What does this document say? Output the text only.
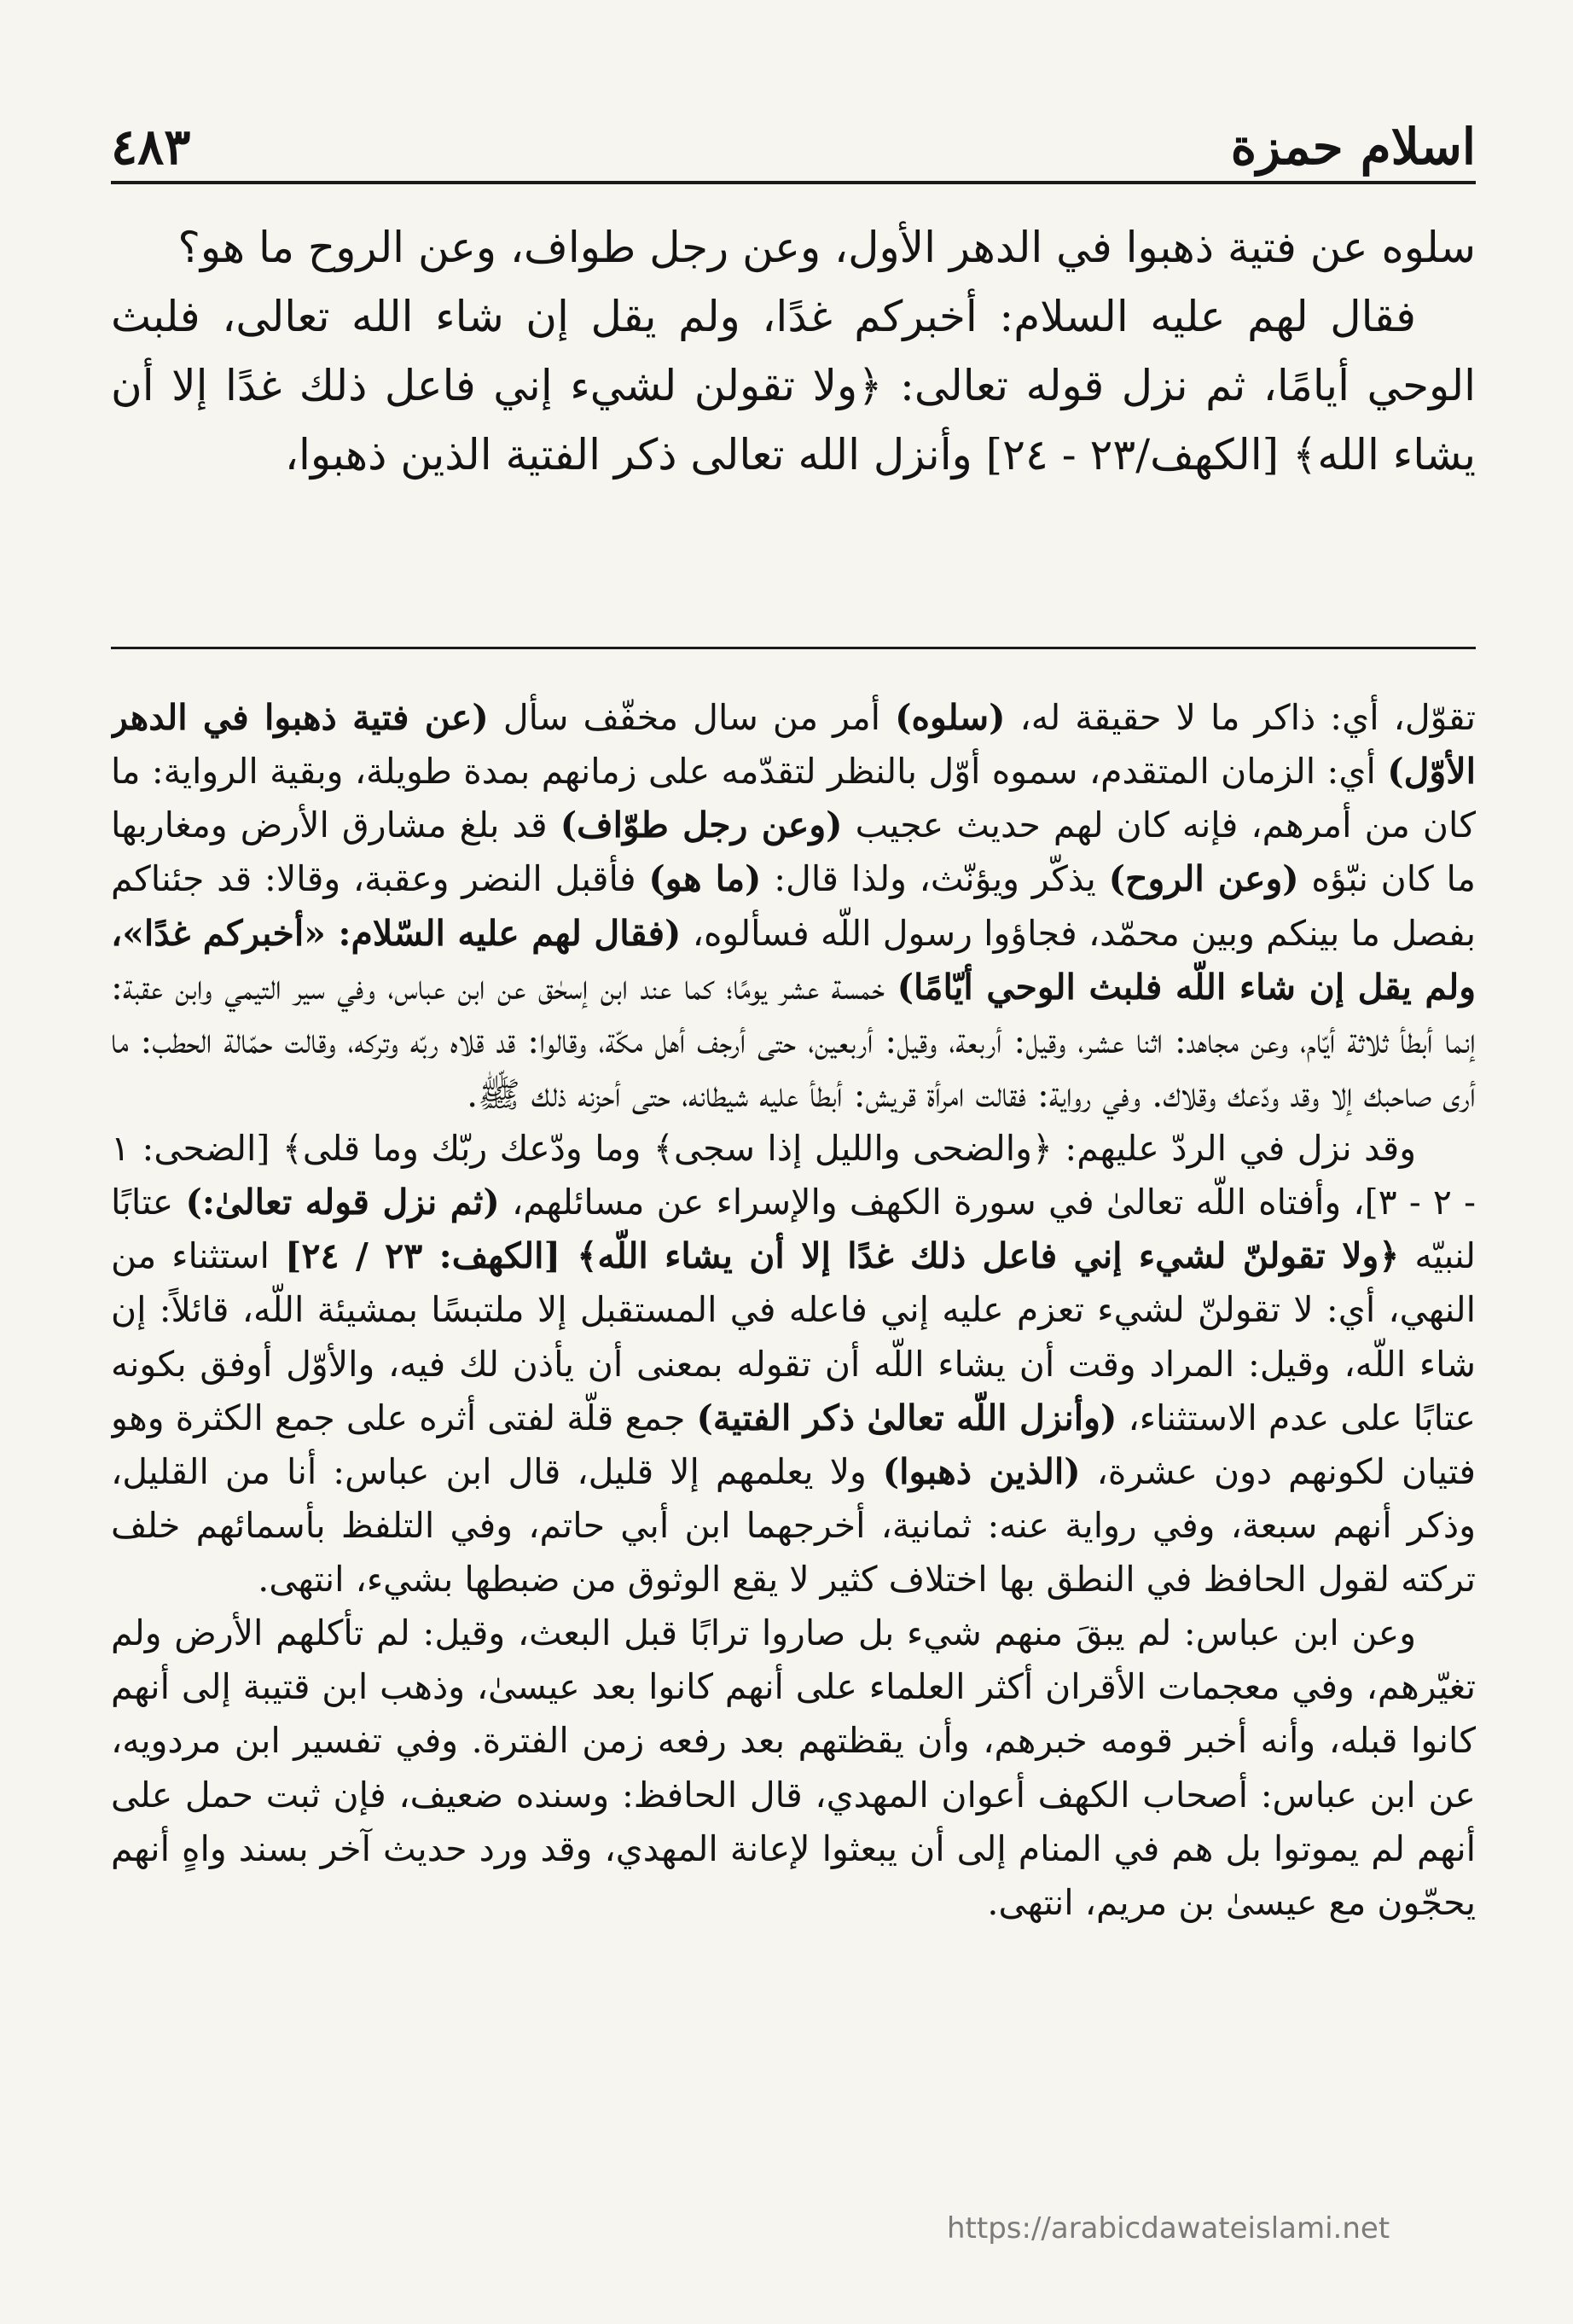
اسلام حمزة
٤٨٣

سلوه عن فتية ذهبوا في الدهر الأول، وعن رجل طواف، وعن الروح ما هو؟

فقال لهم عليه السلام: أخبركم غدًا، ولم يقل إن شاء الله تعالى، فلبث الوحي أيامًا، ثم نزل قوله تعالى: ﴿ولا تقولن لشيء إني فاعل ذلك غدًا إلا أن يشاء الله﴾ [الكهف/٢٣ - ٢٤] وأنزل الله تعالى ذكر الفتية الذين ذهبوا،

تقوّل، أي: ذاكر ما لا حقيقة له، (سلوه) أمر من سال مخفّف سأل (عن فتية ذهبوا في الدهر الأوّل) أي: الزمان المتقدم، سموه أوّل بالنظر لتقدّمه على زمانهم بمدة طويلة، وبقية الرواية: ما كان من أمرهم، فإنه كان لهم حديث عجيب (وعن رجل طوّاف) قد بلغ مشارق الأرض ومغاربها ما كان نبّؤه (وعن الروح) يذكّر ويؤنّث، ولذا قال: (ما هو) فأقبل النضر وعقبة، وقالا: قد جئناكم بفصل ما بينكم وبين محمّد، فجاؤوا رسول اللّه فسألوه، (فقال لهم عليه السّلام: «أخبركم غدًا»، ولم يقل إن شاء اللّه فلبث الوحي أيّامًا) خمسة عشر يومًا؛ كما عند ابن إسحٰق عن ابن عباس، وفي سير التيمي وابن عقبة: إنما أبطأ ثلاثة أيّام، وعن مجاهد: اثنا عشر، وقيل: أربعة، وقيل: أربعين، حتى أرجف أهل مكّة، وقالوا: قد قلاه ربّه وتركه، وقالت حمّالة الحطب: ما أرى صاحبك إلا وقد ودّعك وقلاك. وفي رواية: فقالت امرأة قريش: أبطأ عليه شيطانه، حتى أحزنه ذلك ﷺ.

وقد نزل في الردّ عليهم: ﴿والضحى والليل إذا سجى﴾ وما ودّعك ربّك وما قلى﴾ [الضحى: ١ - ٢ - ٣]، وأفتاه اللّه تعالىٰ في سورة الكهف والإسراء عن مسائلهم، (ثم نزل قوله تعالىٰ:) عتابًا لنبيّه ﴿ولا تقولنّ لشيء إني فاعل ذلك غدًا إلا أن يشاء اللّه﴾ [الكهف: ٢٣ / ٢٤] استثناء من النهي، أي: لا تقولنّ لشيء تعزم عليه إني فاعله في المستقبل إلا ملتبسًا بمشيئة اللّه، قائلاً: إن شاء اللّه، وقيل: المراد وقت أن يشاء اللّه أن تقوله بمعنى أن يأذن لك فيه، والأوّل أوفق بكونه عتابًا على عدم الاستثناء، (وأنزل اللّه تعالىٰ ذكر الفتية) جمع قلّة لفتى أثره على جمع الكثرة وهو فتيان لكونهم دون عشرة، (الذين ذهبوا) ولا يعلمهم إلا قليل، قال ابن عباس: أنا من القليل، وذكر أنهم سبعة، وفي رواية عنه: ثمانية، أخرجهما ابن أبي حاتم، وفي التلفظ بأسمائهم خلف تركته لقول الحافظ في النطق بها اختلاف كثير لا يقع الوثوق من ضبطها بشيء، انتهى.

وعن ابن عباس: لم يبقَ منهم شيء بل صاروا ترابًا قبل البعث، وقيل: لم تأكلهم الأرض ولم تغيّرهم، وفي معجمات الأقران أكثر العلماء على أنهم كانوا بعد عيسىٰ، وذهب ابن قتيبة إلى أنهم كانوا قبله، وأنه أخبر قومه خبرهم، وأن يقظتهم بعد رفعه زمن الفترة. وفي تفسير ابن مردويه، عن ابن عباس: أصحاب الكهف أعوان المهدي، قال الحافظ: وسنده ضعيف، فإن ثبت حمل على أنهم لم يموتوا بل هم في المنام إلى أن يبعثوا لإعانة المهدي، وقد ورد حديث آخر بسند واهٍ أنهم يحجّون مع عيسىٰ بن مريم، انتهى.

https://arabicdawateislami.net
